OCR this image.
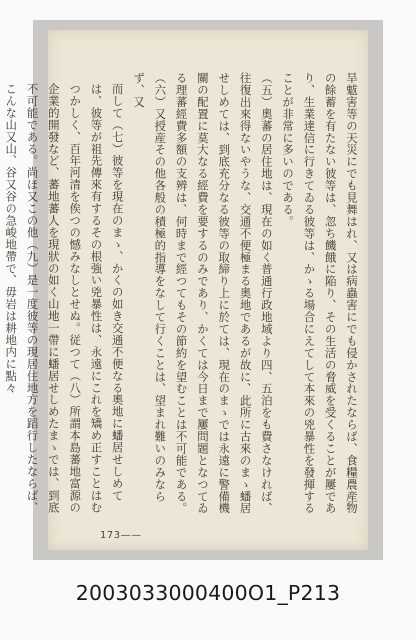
旱魃害等の天災にでも見舞はれ、又は病蟲害にでも侵かされたならば、食糧農産物の餘蓄を有たない彼等は、忽ち饑餓に陥り、その生活の脅威を受くることが屢であり、生業達信に行きてゐる彼等は、かゝる場合にえてして本來の兇暴性を發揮することが非常に多いのである。

（五）奧蕃の居住地は、現在の如く普通行政地域より四、五泊をも費さなければ、往復出來得ないやうな、交通不便極まる奧地であるが故に、此所に古來のまゝ蟠居せしめては、到底充分なる彼等の取締り上に於ては、現在のまゝでは永遠に警備機關の配置に莫大なる經費を要するのみであり、かくては今日まで屢問題となつてゐる理蕃經費多額の支辨は、何時まで經つてもその節約を望むことは不可能である。

（六）又授産その他各般の積極的指導をなして行くことは、望まれ難いのみならず、又

而して（七）彼等を現在のまゝ、かくの如き交通不便なる奧地に蟠居せしめては、彼等が祖先傳來有するその根強い兇暴性は、永遠にこれを矯め正すことはむつかしく、百年河清を俟つの憾みなしとせぬ。従つて（八）所謂本島蕃地富源の企業的開發など、蕃地蕃人を現狀の如く山地一帶に蟠居せしめたまゝでは、到底不可能である。尚ほ又この他（九）是一度彼等の現居住地方を蹈行したならば、こんな山又山、谷又谷の急峻地帶で、毋岩は耕地内に點々

173——
2003033000400O1_P213
